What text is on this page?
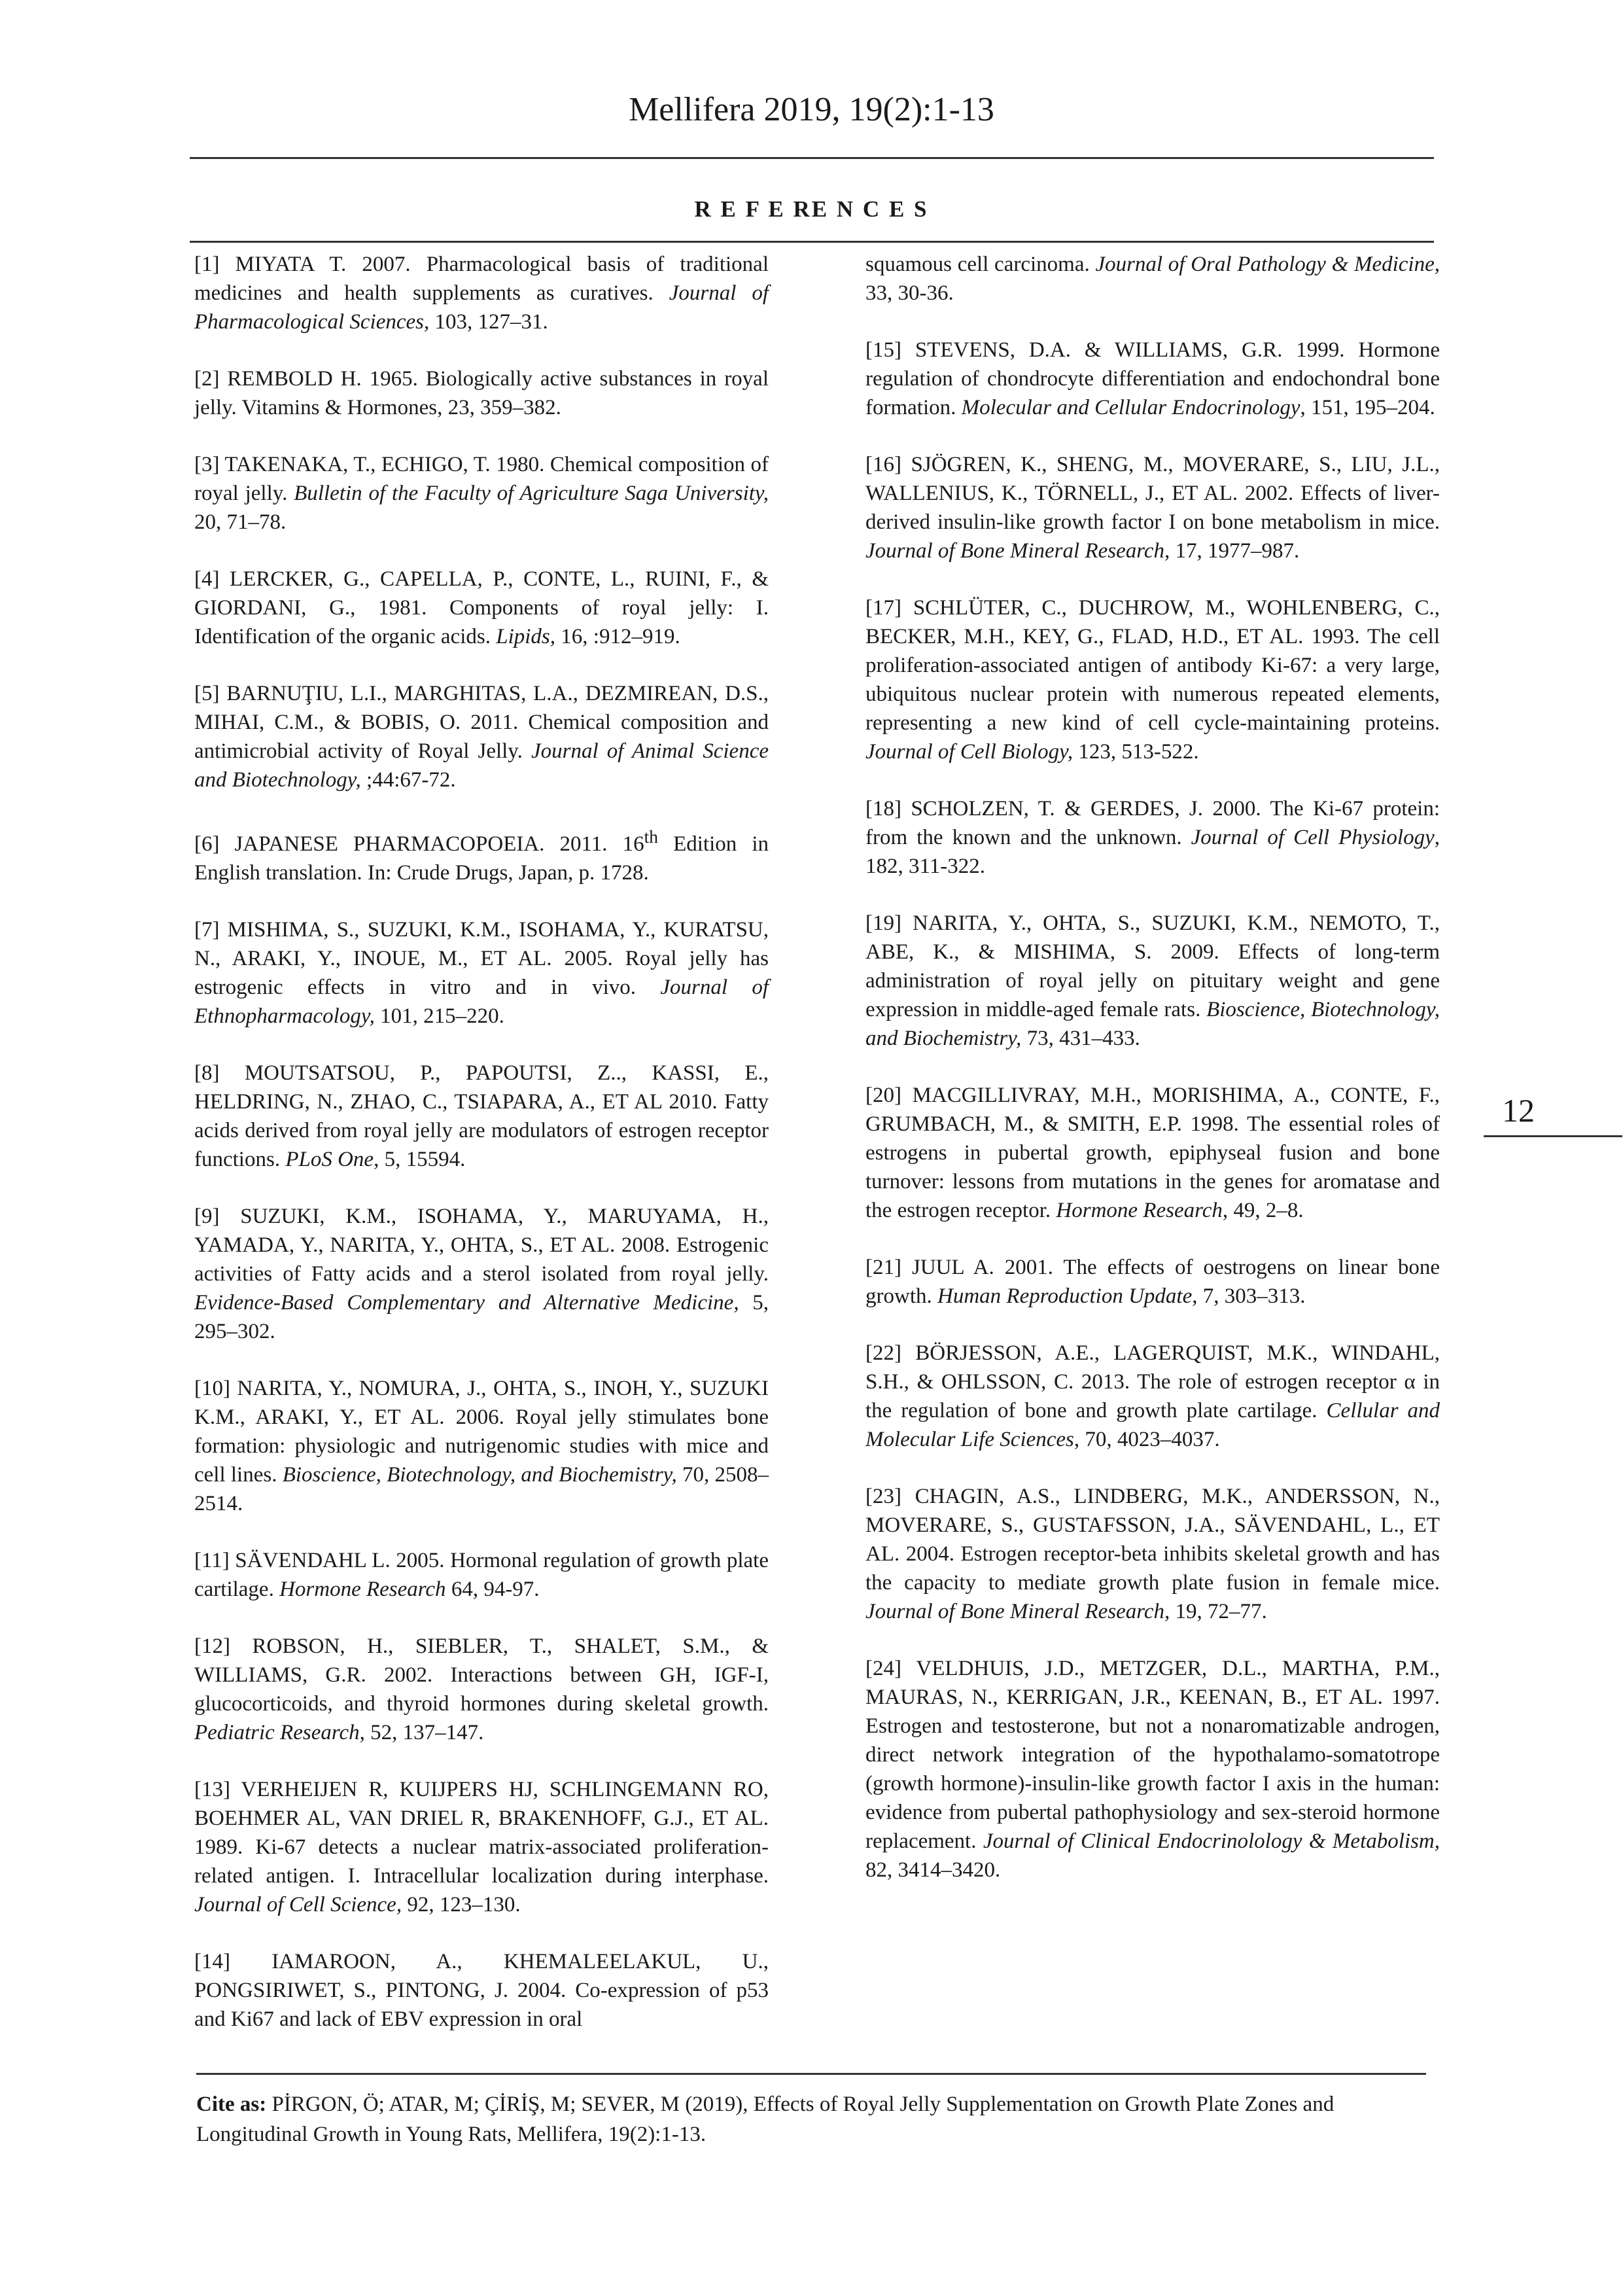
Mellifera 2019, 19(2):1-13
R E F E RE N C E S

[1] MIYATA T. 2007. Pharmacological basis of traditional medicines and health supplements as curatives. Journal of Pharmacological Sciences, 103, 127–31.

[2] REMBOLD H. 1965. Biologically active substances in royal jelly. Vitamins & Hormones, 23, 359–382.

[3] TAKENAKA, T., ECHIGO, T. 1980. Chemical composition of royal jelly. Bulletin of the Faculty of Agriculture Saga University, 20, 71–78.

[4] LERCKER, G., CAPELLA, P., CONTE, L., RUINI, F., & GIORDANI, G., 1981. Components of royal jelly: I. Identification of the organic acids. Lipids, 16, :912–919.

[5] BARNUŢIU, L.I., MARGHITAS, L.A., DEZMIREAN, D.S., MIHAI, C.M., & BOBIS, O. 2011. Chemical composition and antimicrobial activity of Royal Jelly. Journal of Animal Science and Biotechnology, ;44:67-72.

[6] JAPANESE PHARMACOPOEIA. 2011. 16th Edition in English translation. In: Crude Drugs, Japan, p. 1728.

[7] MISHIMA, S., SUZUKI, K.M., ISOHAMA, Y., KURATSU, N., ARAKI, Y., INOUE, M., ET AL. 2005. Royal jelly has estrogenic effects in vitro and in vivo. Journal of Ethnopharmacology, 101, 215–220.

[8] MOUTSATSOU, P., PAPOUTSI, Z.., KASSI, E., HELDRING, N., ZHAO, C., TSIAPARA, A., ET AL 2010. Fatty acids derived from royal jelly are modulators of estrogen receptor functions. PLoS One, 5, 15594.

[9] SUZUKI, K.M., ISOHAMA, Y., MARUYAMA, H., YAMADA, Y., NARITA, Y., OHTA, S., ET AL. 2008. Estrogenic activities of Fatty acids and a sterol isolated from royal jelly. Evidence-Based Complementary and Alternative Medicine, 5, 295–302.

[10] NARITA, Y., NOMURA, J., OHTA, S., INOH, Y., SUZUKI K.M., ARAKI, Y., ET AL. 2006. Royal jelly stimulates bone formation: physiologic and nutrigenomic studies with mice and cell lines. Bioscience, Biotechnology, and Biochemistry, 70, 2508–2514.

[11] SÄVENDAHL L. 2005. Hormonal regulation of growth plate cartilage. Hormone Research 64, 94-97.

[12] ROBSON, H., SIEBLER, T., SHALET, S.M., & WILLIAMS, G.R. 2002. Interactions between GH, IGF-I, glucocorticoids, and thyroid hormones during skeletal growth. Pediatric Research, 52, 137–147.

[13] VERHEIJEN R, KUIJPERS HJ, SCHLINGEMANN RO, BOEHMER AL, VAN DRIEL R, BRAKENHOFF, G.J., ET AL. 1989. Ki-67 detects a nuclear matrix-associated proliferation-related antigen. I. Intracellular localization during interphase. Journal of Cell Science, 92, 123–130.

[14] IAMAROON, A., KHEMALEELAKUL, U., PONGSIRIWET, S., PINTONG, J. 2004. Co-expression of p53 and Ki67 and lack of EBV expression in oral

squamous cell carcinoma. Journal of Oral Pathology & Medicine, 33, 30-36.

[15] STEVENS, D.A. & WILLIAMS, G.R. 1999. Hormone regulation of chondrocyte differentiation and endochondral bone formation. Molecular and Cellular Endocrinology, 151, 195–204.

[16] SJÖGREN, K., SHENG, M., MOVERARE, S., LIU, J.L., WALLENIUS, K., TÖRNELL, J., ET AL. 2002. Effects of liver-derived insulin-like growth factor I on bone metabolism in mice. Journal of Bone Mineral Research, 17, 1977–987.

[17] SCHLÜTER, C., DUCHROW, M., WOHLENBERG, C., BECKER, M.H., KEY, G., FLAD, H.D., ET AL. 1993. The cell proliferation-associated antigen of antibody Ki-67: a very large, ubiquitous nuclear protein with numerous repeated elements, representing a new kind of cell cycle-maintaining proteins. Journal of Cell Biology, 123, 513-522.

[18] SCHOLZEN, T. & GERDES, J. 2000. The Ki-67 protein: from the known and the unknown. Journal of Cell Physiology, 182, 311-322.

[19] NARITA, Y., OHTA, S., SUZUKI, K.M., NEMOTO, T., ABE, K., & MISHIMA, S. 2009. Effects of long-term administration of royal jelly on pituitary weight and gene expression in middle-aged female rats. Bioscience, Biotechnology, and Biochemistry, 73, 431–433.

[20] MACGILLIVRAY, M.H., MORISHIMA, A., CONTE, F., GRUMBACH, M., & SMITH, E.P. 1998. The essential roles of estrogens in pubertal growth, epiphyseal fusion and bone turnover: lessons from mutations in the genes for aromatase and the estrogen receptor. Hormone Research, 49, 2–8.

[21] JUUL A. 2001. The effects of oestrogens on linear bone growth. Human Reproduction Update, 7, 303–313.

[22] BÖRJESSON, A.E., LAGERQUIST, M.K., WINDAHL, S.H., & OHLSSON, C. 2013. The role of estrogen receptor α in the regulation of bone and growth plate cartilage. Cellular and Molecular Life Sciences, 70, 4023–4037.

[23] CHAGIN, A.S., LINDBERG, M.K., ANDERSSON, N., MOVERARE, S., GUSTAFSSON, J.A., SÄVENDAHL, L., ET AL. 2004. Estrogen receptor-beta inhibits skeletal growth and has the capacity to mediate growth plate fusion in female mice. Journal of Bone Mineral Research, 19, 72–77.

[24] VELDHUIS, J.D., METZGER, D.L., MARTHA, P.M., MAURAS, N., KERRIGAN, J.R., KEENAN, B., ET AL. 1997. Estrogen and testosterone, but not a nonaromatizable androgen, direct network integration of the hypothalamo-somatotrope (growth hormone)-insulin-like growth factor I axis in the human: evidence from pubertal pathophysiology and sex-steroid hormone replacement. Journal of Clinical Endocrinolology & Metabolism, 82, 3414–3420.

12
Cite as: PİRGON, Ö; ATAR, M; ÇİRİŞ, M; SEVER, M (2019), Effects of Royal Jelly Supplementation on Growth Plate Zones and Longitudinal Growth in Young Rats, Mellifera, 19(2):1-13.
